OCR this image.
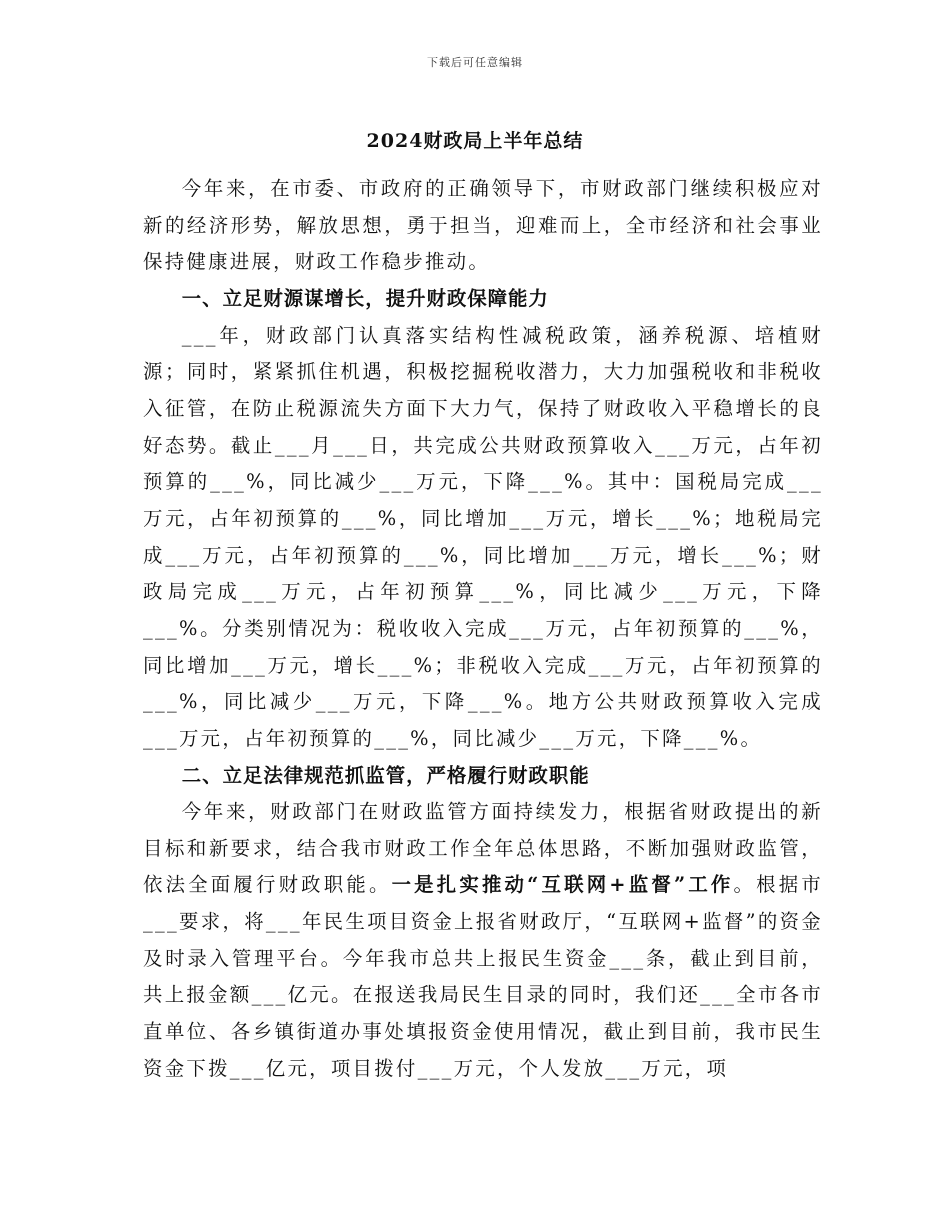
下载后可任意编辑
2024财政局上半年总结

今年来，在市委、市政府的正确领导下，市财政部门继续积极应对新的经济形势，解放思想，勇于担当，迎难而上，全市经济和社会事业保持健康进展，财政工作稳步推动。

一、立足财源谋增长，提升财政保障能力

___年，财政部门认真落实结构性减税政策，涵养税源、培植财源；同时，紧紧抓住机遇，积极挖掘税收潜力，大力加强税收和非税收入征管，在防止税源流失方面下大力气，保持了财政收入平稳增长的良好态势。截止___月___日，共完成公共财政预算收入___万元，占年初预算的___%，同比减少___万元，下降___%。其中：国税局完成___万元，占年初预算的___%，同比增加___万元，增长___%；地税局完成___万元，占年初预算的___%，同比增加___万元，增长___%；财政局完成___万元，占年初预算___%，同比减少___万元，下降___%。分类别情况为：税收收入完成___万元，占年初预算的___%，同比增加___万元，增长___%；非税收入完成___万元，占年初预算的___%，同比减少___万元，下降___%。地方公共财政预算收入完成___万元，占年初预算的___%，同比减少___万元，下降___%。

二、立足法律规范抓监管，严格履行财政职能

今年来，财政部门在财政监管方面持续发力，根据省财政提出的新目标和新要求，结合我市财政工作全年总体思路，不断加强财政监管，依法全面履行财政职能。一是扎实推动“互联网+监督”工作。根据市___要求，将___年民生项目资金上报省财政厅，“互联网+监督”的资金及时录入管理平台。今年我市总共上报民生资金___条，截止到目前，共上报金额___亿元。在报送我局民生目录的同时，我们还___全市各市直单位、各乡镇街道办事处填报资金使用情况，截止到目前，我市民生资金下拨___亿元，项目拨付___万元，个人发放___万元，项
